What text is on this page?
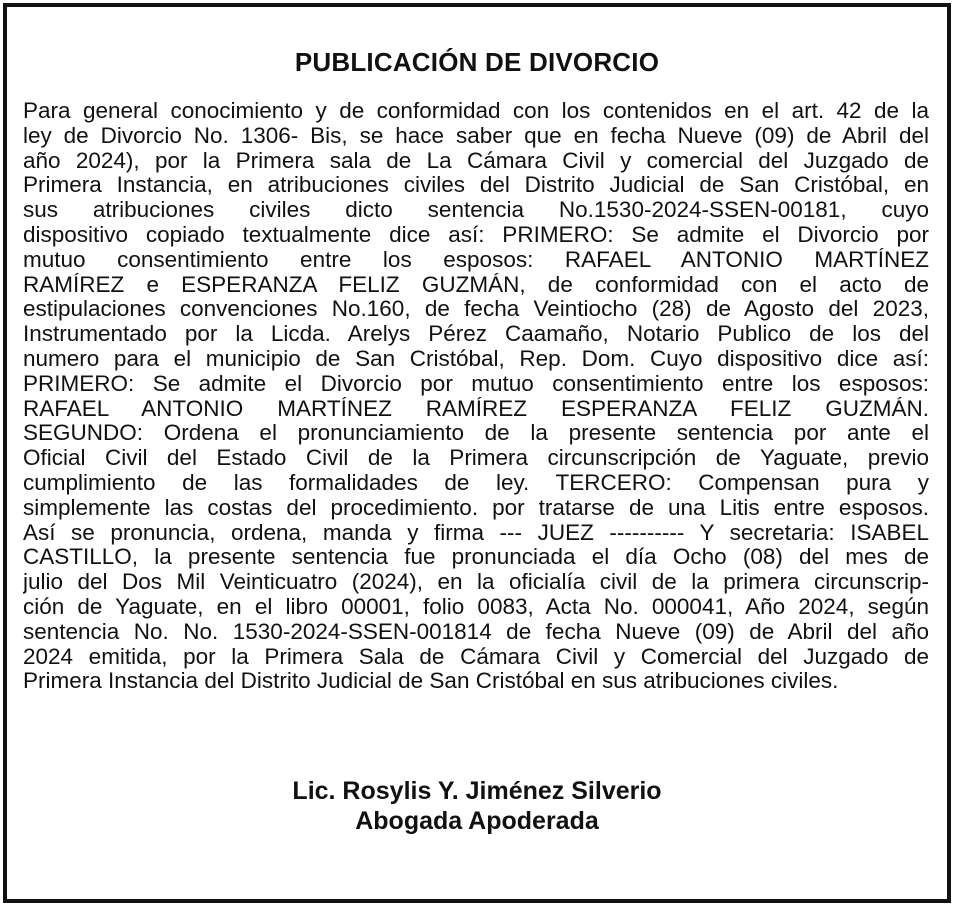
PUBLICACIÓN DE DIVORCIO
Para general conocimiento y de conformidad con los contenidos en el art. 42 de la
ley de Divorcio No. 1306- Bis, se hace saber que en fecha Nueve (09) de Abril del
año 2024), por la Primera sala de La Cámara Civil y comercial del Juzgado de
Primera Instancia, en atribuciones civiles del Distrito Judicial de San Cristóbal, en
sus atribuciones civiles dicto sentencia No.1530-2024-SSEN-00181, cuyo
dispositivo copiado textualmente dice así: PRIMERO: Se admite el Divorcio por
mutuo consentimiento entre los esposos: RAFAEL ANTONIO MARTÍNEZ
RAMÍREZ e ESPERANZA FELIZ GUZMÁN, de conformidad con el acto de
estipulaciones convenciones No.160, de fecha Veintiocho (28) de Agosto del 2023,
Instrumentado por la Licda. Arelys Pérez Caamaño, Notario Publico de los del
numero para el municipio de San Cristóbal, Rep. Dom. Cuyo dispositivo dice así:
PRIMERO: Se admite el Divorcio por mutuo consentimiento entre los esposos:
RAFAEL ANTONIO MARTÍNEZ RAMÍREZ ESPERANZA FELIZ GUZMÁN.
SEGUNDO: Ordena el pronunciamiento de la presente sentencia por ante el
Oficial Civil del Estado Civil de la Primera circunscripción de Yaguate, previo
cumplimiento de las formalidades de ley. TERCERO: Compensan pura y
simplemente las costas del procedimiento. por tratarse de una Litis entre esposos.
Así se pronuncia, ordena, manda y firma --- JUEZ ---------- Y secretaria: ISABEL
CASTILLO, la presente sentencia fue pronunciada el día Ocho (08) del mes de
julio del Dos Mil Veinticuatro (2024), en la oficialía civil de la primera circunscrip-
ción de Yaguate, en el libro 00001, folio 0083, Acta No. 000041, Año 2024, según
sentencia No. No. 1530-2024-SSEN-001814 de fecha Nueve (09) de Abril del año
2024 emitida, por la Primera Sala de Cámara Civil y Comercial del Juzgado de
Primera Instancia del Distrito Judicial de San Cristóbal en sus atribuciones civiles.

Lic. Rosylis Y. Jiménez Silverio

Abogada Apoderada
